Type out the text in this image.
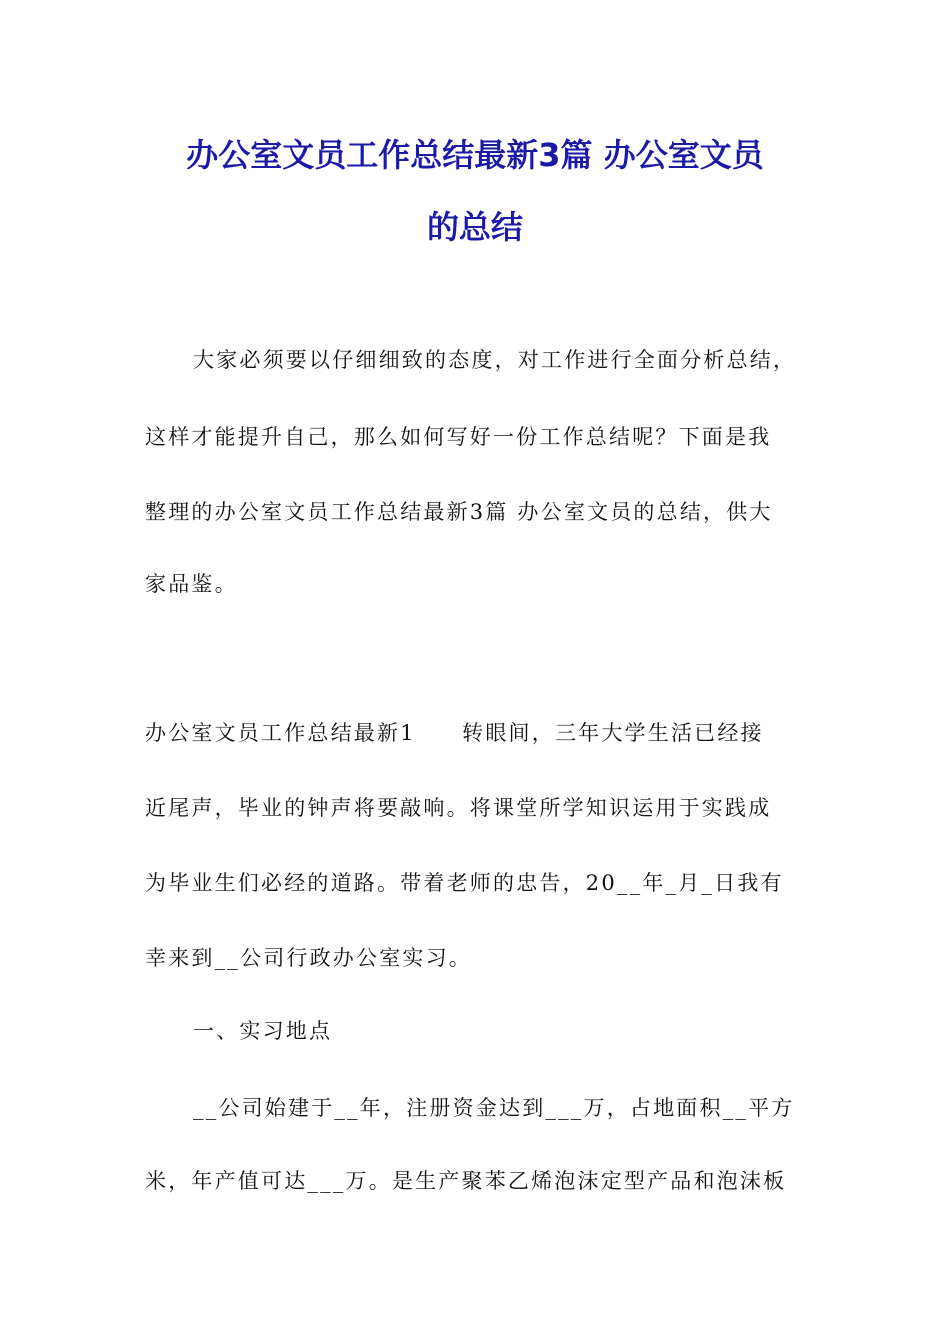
办公室文员工作总结最新3篇 办公室文员
的总结
大家必须要以仔细细致的态度，对工作进行全面分析总结，
这样才能提升自己，那么如何写好一份工作总结呢？下面是我
整理的办公室文员工作总结最新3篇 办公室文员的总结，供大
家品鉴。
办公室文员工作总结最新1　　转眼间，三年大学生活已经接
近尾声，毕业的钟声将要敲响。将课堂所学知识运用于实践成
为毕业生们必经的道路。带着老师的忠告，20__年_月_日我有
幸来到__公司行政办公室实习。
一、实习地点
__公司始建于__年，注册资金达到___万，占地面积__平方
米，年产值可达___万。是生产聚苯乙烯泡沫定型产品和泡沫板
